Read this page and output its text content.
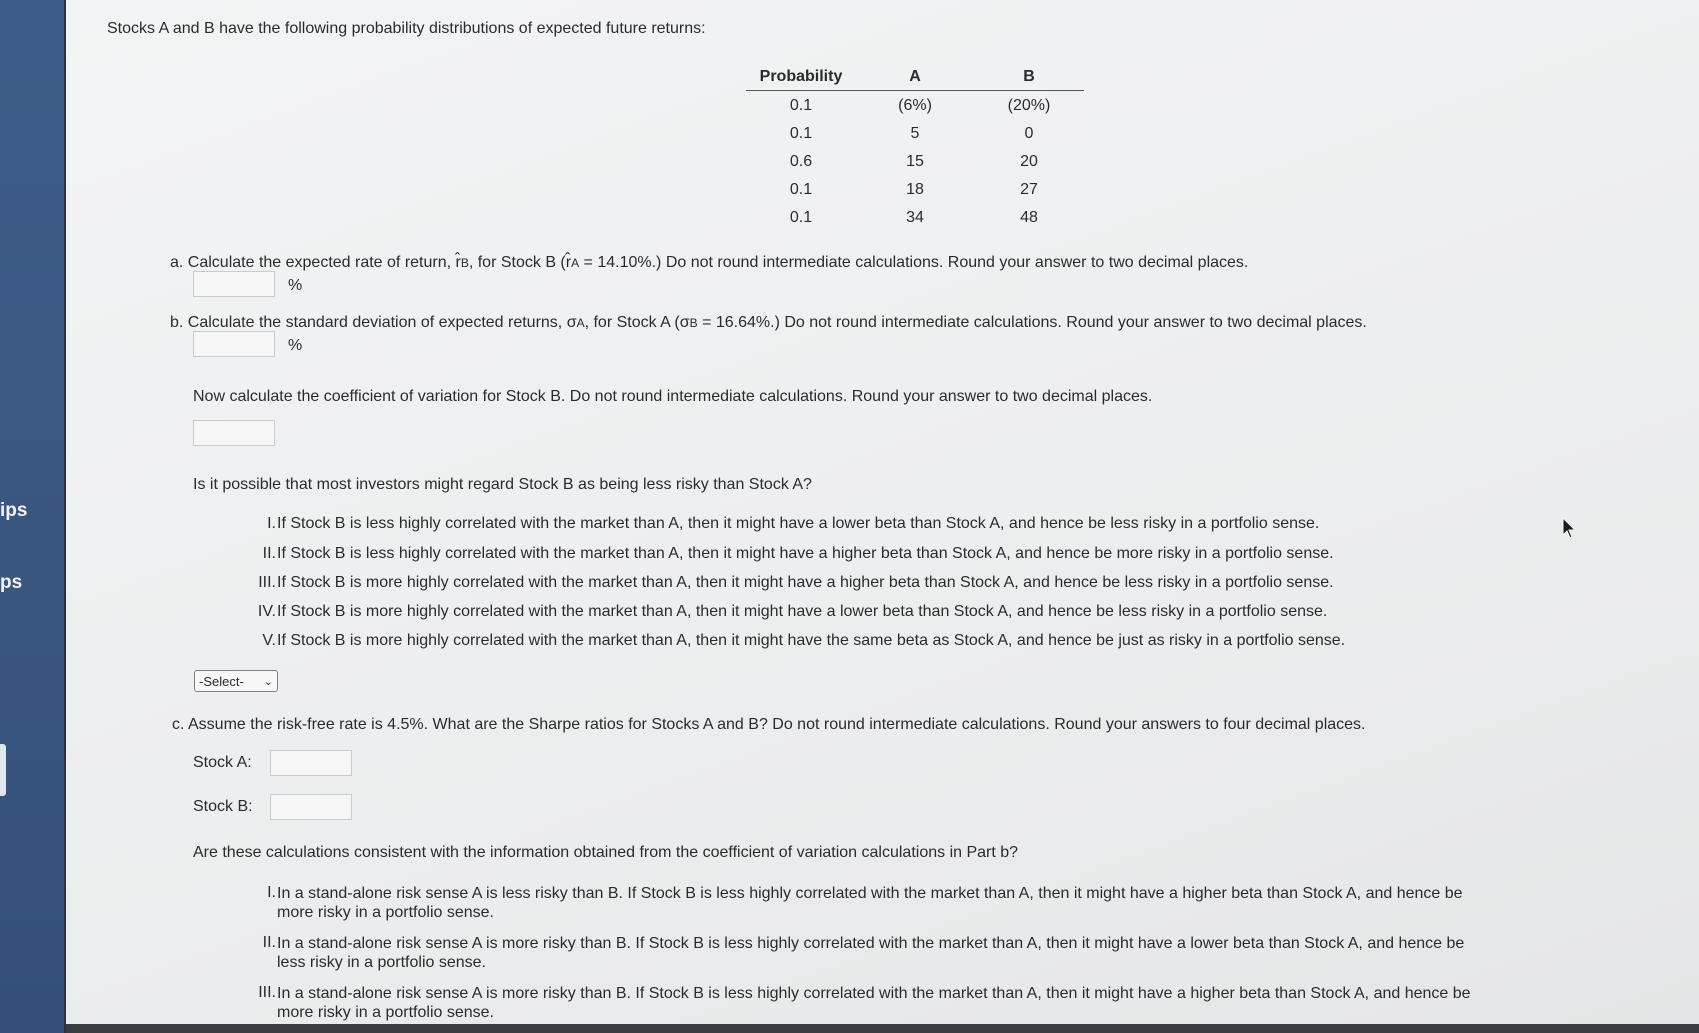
ips
ps
Stocks A and B have the following probability distributions of expected future returns:
Probability	A	B
0.1	(6%)	(20%)
0.1	5	0
0.6	15	20
0.1	18	27
0.1	34	48
a. Calculate the expected rate of return, r̂B, for Stock B (r̂A = 14.10%.) Do not round intermediate calculations. Round your answer to two decimal places.
%
b. Calculate the standard deviation of expected returns, σA, for Stock A (σB = 16.64%.) Do not round intermediate calculations. Round your answer to two decimal places.
%
Now calculate the coefficient of variation for Stock B. Do not round intermediate calculations. Round your answer to two decimal places.
Is it possible that most investors might regard Stock B as being less risky than Stock A?
I. If Stock B is less highly correlated with the market than A, then it might have a lower beta than Stock A, and hence be less risky in a portfolio sense.
II. If Stock B is less highly correlated with the market than A, then it might have a higher beta than Stock A, and hence be more risky in a portfolio sense.
III. If Stock B is more highly correlated with the market than A, then it might have a higher beta than Stock A, and hence be less risky in a portfolio sense.
IV. If Stock B is more highly correlated with the market than A, then it might have a lower beta than Stock A, and hence be less risky in a portfolio sense.
V. If Stock B is more highly correlated with the market than A, then it might have the same beta as Stock A, and hence be just as risky in a portfolio sense.
-Select- ⌄
c. Assume the risk-free rate is 4.5%. What are the Sharpe ratios for Stocks A and B? Do not round intermediate calculations. Round your answers to four decimal places.
Stock A:
Stock B:
Are these calculations consistent with the information obtained from the coefficient of variation calculations in Part b?
I. In a stand-alone risk sense A is less risky than B. If Stock B is less highly correlated with the market than A, then it might have a higher beta than Stock A, and hence be
more risky in a portfolio sense.
II. In a stand-alone risk sense A is more risky than B. If Stock B is less highly correlated with the market than A, then it might have a lower beta than Stock A, and hence be
less risky in a portfolio sense.
III. In a stand-alone risk sense A is more risky than B. If Stock B is less highly correlated with the market than A, then it might have a higher beta than Stock A, and hence be
more risky in a portfolio sense.
